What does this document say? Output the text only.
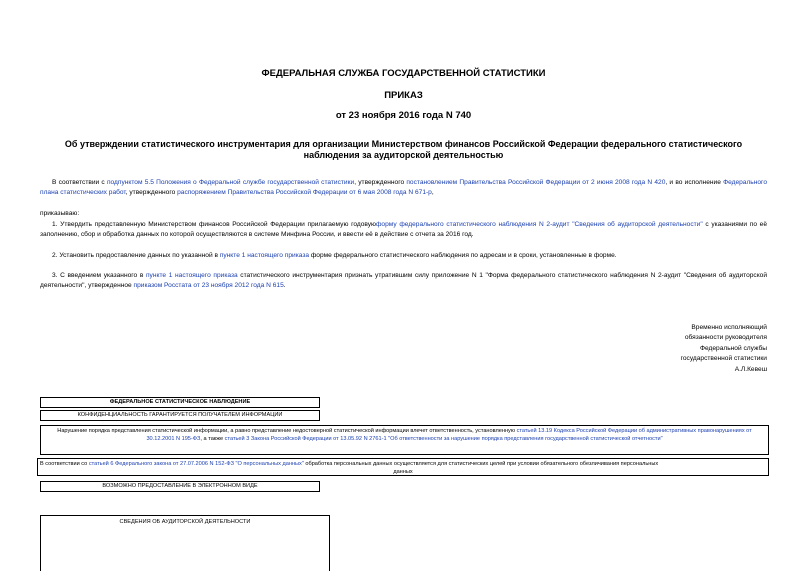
ФЕДЕРАЛЬНАЯ СЛУЖБА ГОСУДАРСТВЕННОЙ СТАТИСТИКИ
ПРИКАЗ
от 23 ноября 2016 года N 740
Об утверждении статистического инструментария для организации Министерством финансов Российской Федерации федерального статистического наблюдения за аудиторской деятельностью
В соответствии с подпунктом 5.5 Положения о Федеральной службе государственной статистики, утвержденного постановлением Правительства Российской Федерации от 2 июня 2008 года N 420, и во исполнение Федерального плана статистических работ, утвержденного распоряжением Правительства Российской Федерации от 6 мая 2008 года N 671-р,
приказываю:
1. Утвердить представленную Министерством финансов Российской Федерации прилагаемую годовуюформу федерального статистического наблюдения N 2-аудит "Сведения об аудиторской деятельности" с указаниями по её заполнению, сбор и обработка данных по которой осуществляются в системе Минфина России, и ввести её в действие с отчета за 2016 год.
2. Установить предоставление данных по указанной в пункте 1 настоящего приказа форме федерального статистического наблюдения по адресам и в сроки, установленные в форме.
3. С введением указанного в пункте 1 настоящего приказа статистического инструментария признать утратившим силу приложение N 1 "Форма федерального статистического наблюдения N 2-аудит "Сведения об аудиторской деятельности", утвержденное приказом Росстата от 23 ноября 2012 года N 615.
Временно исполняющий
обязанности руководителя
Федеральной службы
государственной статистики
А.Л.Кевеш
ФЕДЕРАЛЬНОЕ СТАТИСТИЧЕСКОЕ НАБЛЮДЕНИЕ
КОНФИДЕНЦИАЛЬНОСТЬ ГАРАНТИРУЕТСЯ ПОЛУЧАТЕЛЕМ ИНФОРМАЦИИ
Нарушение порядка представления статистической информации, а равно представление недостоверной статистической информации влечет ответственность, установленную статьей 13.19 Кодекса Российской Федерации об административных правонарушениях от 30.12.2001 N 195-ФЗ, а также статьей 3 Закона Российской Федерации от 13.05.92 N 2761-1 "Об ответственности за нарушение порядка представления государственной статистической отчетности"
В соответствии со статьей 6 Федерального закона от 27.07.2006 N 152-ФЗ "О персональных данных" обработка персональных данных осуществляется для статистических целей при условии обязательного обезличивания персональных
данных
ВОЗМОЖНО ПРЕДОСТАВЛЕНИЕ В ЭЛЕКТРОННОМ ВИДЕ
СВЕДЕНИЯ ОБ АУДИТОРСКОЙ ДЕЯТЕЛЬНОСТИ
